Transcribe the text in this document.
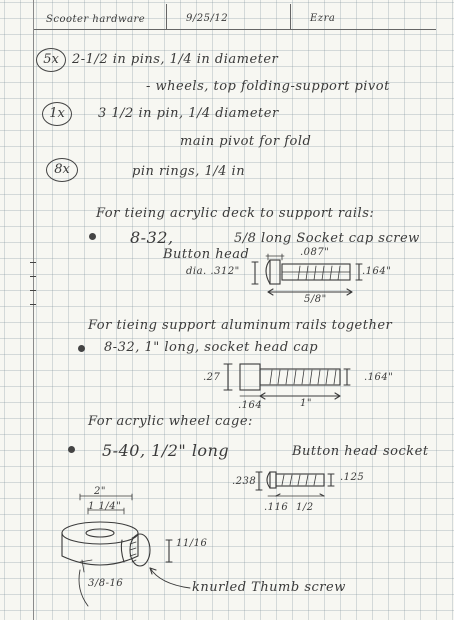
Scooter hardware	9/25/12	Ezra
5x	2-1/2 in pins, 1/4 in diameter
- wheels, top folding-support pivot
1x	3 1/2 in pin, 1/4 diameter
main pivot for fold
8x	pin rings, 1/4 in
For tieing acrylic deck to support rails:
8-32,	5/8 long Socket cap screw
Button head
dia. .312"
.087"
.164"
5/8"
For tieing support aluminum rails together
8-32, 1" long, socket head cap
.27	.164"
.164	1"
For acrylic wheel cage:
5-40, 1/2" long	Button head socket
.238	.125
.116 1/2
2"
1 1/4"
11/16
3/8-16	knurled Thumb screw
